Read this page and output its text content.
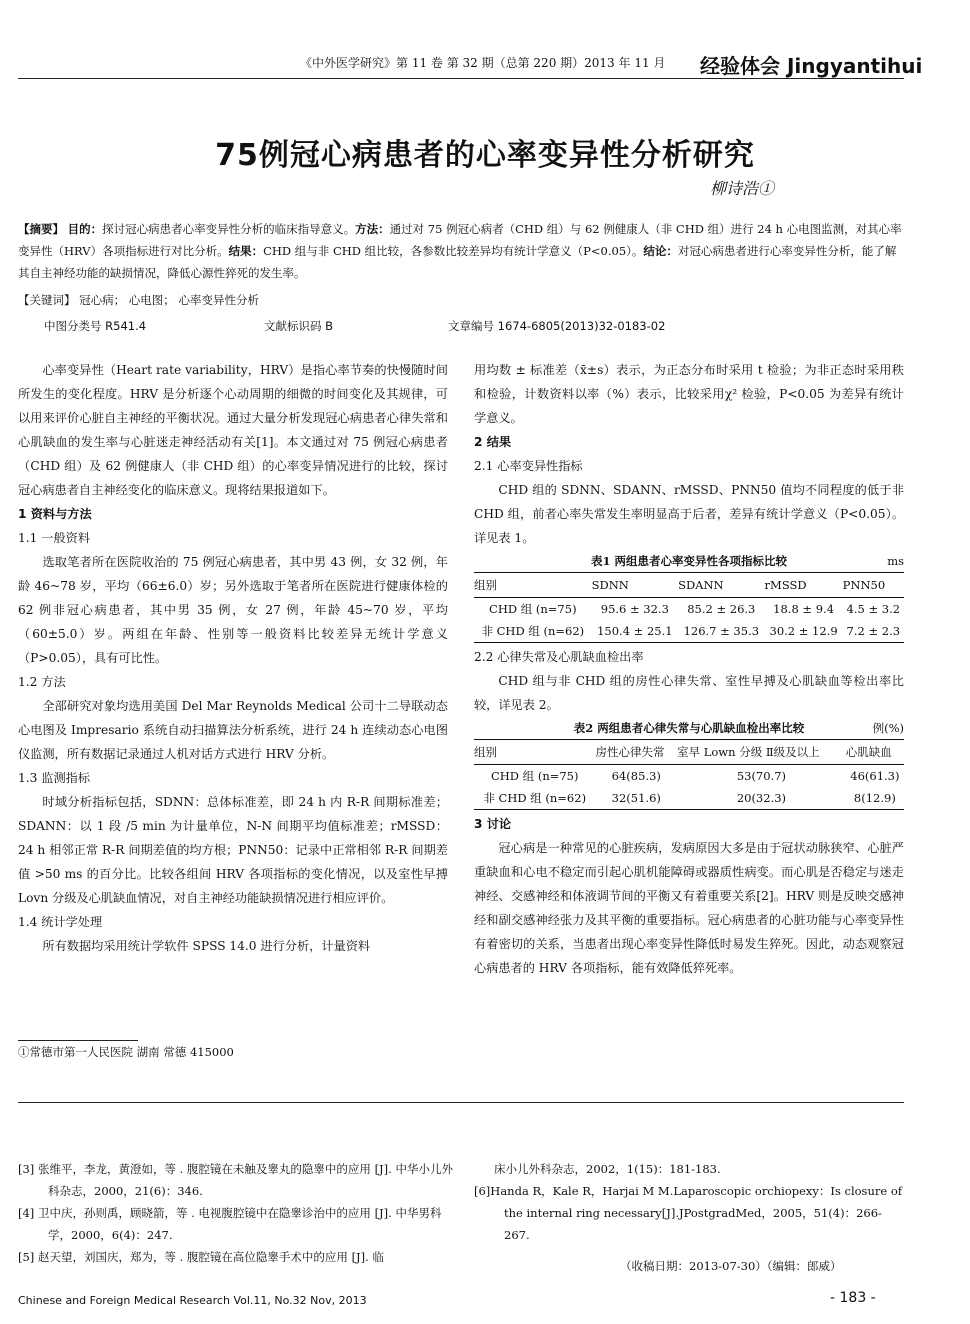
《中外医学研究》第 11 卷 第 32 期（总第 220 期）2013 年 11 月 经验体会 Jingyantihui
75例冠心病患者的心率变异性分析研究
柳诗浩①
【摘要】 目的：探讨冠心病患者心率变异性分析的临床指导意义。方法：通过对 75 例冠心病者（CHD 组）与 62 例健康人（非 CHD 组）进行 24 h 心电图监测，对其心率变异性（HRV）各项指标进行对比分析。结果：CHD 组与非 CHD 组比较，各参数比较差异均有统计学意义（P<0.05）。结论：对冠心病患者进行心率变异性分析，能了解其自主神经功能的缺损情况，降低心源性猝死的发生率。
【关键词】 冠心病； 心电图； 心率变异性分析
中图分类号 R541.4	文献标识码 B	文章编号 1674-6805(2013)32-0183-02

心率变异性（Heart rate variability，HRV）是指心率节奏的快慢随时间所发生的变化程度。HRV 是分析逐个心动周期的细微的时间变化及其规律，可以用来评价心脏自主神经的平衡状况。通过大量分析发现冠心病患者心律失常和心肌缺血的发生率与心脏迷走神经活动有关[1]。本文通过对 75 例冠心病患者（CHD 组）及 62 例健康人（非 CHD 组）的心率变异情况进行的比较，探讨冠心病患者自主神经变化的临床意义。现将结果报道如下。

1 资料与方法

1.1 一般资料

选取笔者所在医院收治的 75 例冠心病患者，其中男 43 例，女 32 例，年龄 46~78 岁，平均（66±6.0）岁；另外选取于笔者所在医院进行健康体检的 62 例非冠心病患者，其中男 35 例，女 27 例，年龄 45~70 岁，平均（60±5.0）岁。两组在年龄、性别等一般资料比较差异无统计学意义（P>0.05），具有可比性。

1.2 方法

全部研究对象均选用美国 Del Mar Reynolds Medical 公司十二导联动态心电图及 Impresario 系统自动扫描算法分析系统，进行 24 h 连续动态心电图仪监测，所有数据记录通过人机对话方式进行 HRV 分析。

1.3 监测指标

时域分析指标包括，SDNN：总体标准差，即 24 h 内 R-R 间期标准差；SDANN：以 1 段 /5 min 为计量单位，N-N 间期平均值标准差；rMSSD：24 h 相邻正常 R-R 间期差值的均方根；PNN50：记录中正常相邻 R-R 间期差值 >50 ms 的百分比。比较各组间 HRV 各项指标的变化情况，以及室性早搏 Lovn 分级及心肌缺血情况，对自主神经功能缺损情况进行相应评价。

1.4 统计学处理

所有数据均采用统计学软件 SPSS 14.0 进行分析，计量资料

用均数 ± 标准差（x̄±s）表示，为正态分布时采用 t 检验；为非正态时采用秩和检验，计数资料以率（%）表示，比较采用χ² 检验，P<0.05 为差异有统计学意义。

2 结果

2.1 心率变异性指标

CHD 组的 SDNN、SDANN、rMSSD、PNN50 值均不同程度的低于非 CHD 组，前者心率失常发生率明显高于后者，差异有统计学意义（P<0.05）。详见表 1。

表1 两组患者心率变异性各项指标比较	ms
组别	SDNN	SDANN	rMSSD	PNN50
CHD 组 (n=75)	95.6 ± 32.3	85.2 ± 26.3	18.8 ± 9.4	4.5 ± 3.2
非 CHD 组 (n=62)	150.4 ± 25.1	126.7 ± 35.3	30.2 ± 12.9	7.2 ± 2.3

2.2 心律失常及心肌缺血检出率

CHD 组与非 CHD 组的房性心律失常、室性早搏及心肌缺血等检出率比较，详见表 2。

表2 两组患者心律失常与心肌缺血检出率比较	例(%)
组别	房性心律失常	室早 Lown 分级 Ⅱ级及以上	心肌缺血
CHD 组 (n=75)	64(85.3)	53(70.7)	46(61.3)
非 CHD 组 (n=62)	32(51.6)	20(32.3)	8(12.9)

3 讨论

冠心病是一种常见的心脏疾病，发病原因大多是由于冠状动脉狭窄、心脏严重缺血和心电不稳定而引起心肌机能障碍或器质性病变。而心肌是否稳定与迷走神经、交感神经和体液调节间的平衡又有着重要关系[2]。HRV 则是反映交感神经和副交感神经张力及其平衡的重要指标。冠心病患者的心脏功能与心率变异性有着密切的关系，当患者出现心率变异性降低时易发生猝死。因此，动态观察冠心病患者的 HRV 各项指标，能有效降低猝死率。

①常德市第一人民医院 湖南 常德 415000
[3] 张维平，李龙，黄澄如，等 . 腹腔镜在未触及睾丸的隐睾中的应用 [J]. 中华小儿外科杂志，2000，21(6)：346.
[4] 卫中庆，孙则禹，顾晓箭，等 . 电视腹腔镜中在隐睾诊治中的应用 [J]. 中华男科学，2000，6(4)：247.
[5] 赵天望，刘国庆，郑为，等 . 腹腔镜在高位隐睾手术中的应用 [J]. 临
床小儿外科杂志，2002，1(15)：181-183.
[6]Handa R，Kale R，Harjai M M.Laparoscopic orchiopexy：Is closure of the internal ring necessary[J].JPostgradMed，2005，51(4)：266-267.
（收稿日期：2013-07-30）（编辑：郎威）
Chinese and Foreign Medical Research Vol.11, No.32 Nov, 2013	- 183 -
